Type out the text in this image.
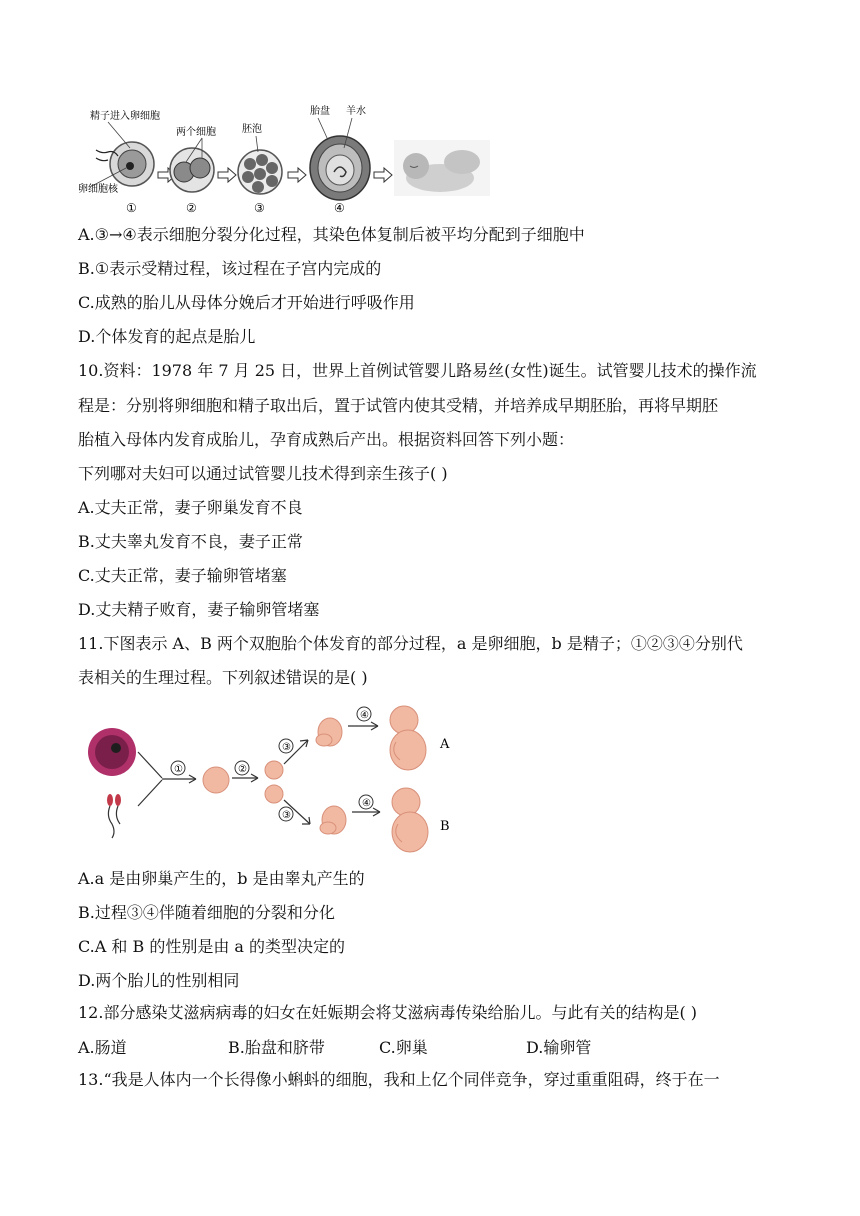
精子进入卵细胞
卵细胞核
①
两个细胞
②
胚泡
③
胎盘 羊水
④
A.③→④表示细胞分裂分化过程，其染色体复制后被平均分配到子细胞中
B.①表示受精过程，该过程在子宫内完成的
C.成熟的胎儿从母体分娩后才开始进行呼吸作用
D.个体发育的起点是胎儿
10.资料：1978 年 7 月 25 日，世界上首例试管婴儿路易丝(女性)诞生。试管婴儿技术的操作流
程是：分别将卵细胞和精子取出后，置于试管内使其受精，并培养成早期胚胎，再将早期胚
胎植入母体内发育成胎儿，孕育成熟后产出。根据资料回答下列小题：
下列哪对夫妇可以通过试管婴儿技术得到亲生孩子( )
A.丈夫正常，妻子卵巢发育不良
B.丈夫睾丸发育不良，妻子正常
C.丈夫正常，妻子输卵管堵塞
D.丈夫精子败育，妻子输卵管堵塞
11.下图表示 A、B 两个双胞胎个体发育的部分过程，a 是卵细胞，b 是精子；①②③④分别代
表相关的生理过程。下列叙述错误的是( )
①	②
③
③
④
A
④
B
A.a 是由卵巢产生的，b 是由睾丸产生的
B.过程③④伴随着细胞的分裂和分化
C.A 和 B 的性别是由 a 的类型决定的
D.两个胎儿的性别相同
12.部分感染艾滋病病毒的妇女在妊娠期会将艾滋病毒传染给胎儿。与此有关的结构是( )
A.肠道	B.胎盘和脐带	C.卵巢	D.输卵管
13.“我是人体内一个长得像小蝌蚪的细胞，我和上亿个同伴竞争，穿过重重阻碍，终于在一
